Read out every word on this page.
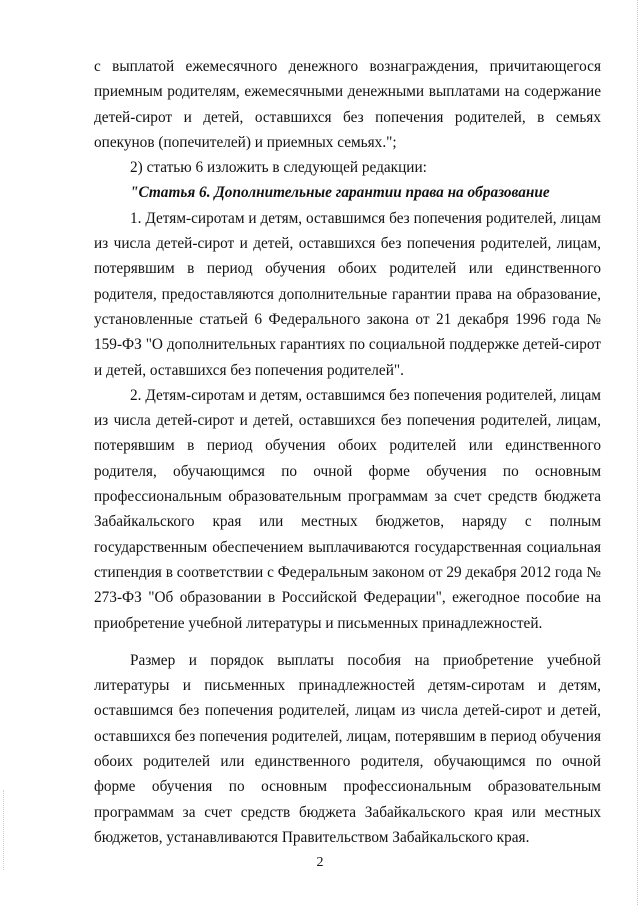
с выплатой ежемесячного денежного вознаграждения, причитающегося приемным родителям, ежемесячными денежными выплатами на содержание детей-сирот и детей, оставшихся без попечения родителей, в семьях опекунов (попечителей) и приемных семьях.";

2) статью 6 изложить в следующей редакции:

"Статья 6. Дополнительные гарантии права на образование

1. Детям-сиротам и детям, оставшимся без попечения родителей, лицам из числа детей-сирот и детей, оставшихся без попечения родителей, лицам, потерявшим в период обучения обоих родителей или единственного родителя, предоставляются дополнительные гарантии права на образование, установленные статьей 6 Федерального закона от 21 декабря 1996 года № 159-ФЗ "О дополнительных гарантиях по социальной поддержке детей-сирот и детей, оставшихся без попечения родителей".

2. Детям-сиротам и детям, оставшимся без попечения родителей, лицам из числа детей-сирот и детей, оставшихся без попечения родителей, лицам, потерявшим в период обучения обоих родителей или единственного родителя, обучающимся по очной форме обучения по основным профессиональным образовательным программам за счет средств бюджета Забайкальского края или местных бюджетов, наряду с полным государственным обеспечением выплачиваются государственная социальная стипендия в соответствии с Федеральным законом от 29 декабря 2012 года № 273-ФЗ "Об образовании в Российской Федерации", ежегодное пособие на приобретение учебной литературы и письменных принадлежностей.

Размер и порядок выплаты пособия на приобретение учебной литературы и письменных принадлежностей детям-сиротам и детям, оставшимся без попечения родителей, лицам из числа детей-сирот и детей, оставшихся без попечения родителей, лицам, потерявшим в период обучения обоих родителей или единственного родителя, обучающимся по очной форме обучения по основным профессиональным образовательным программам за счет средств бюджета Забайкальского края или местных бюджетов, устанавливаются Правительством Забайкальского края.

2
